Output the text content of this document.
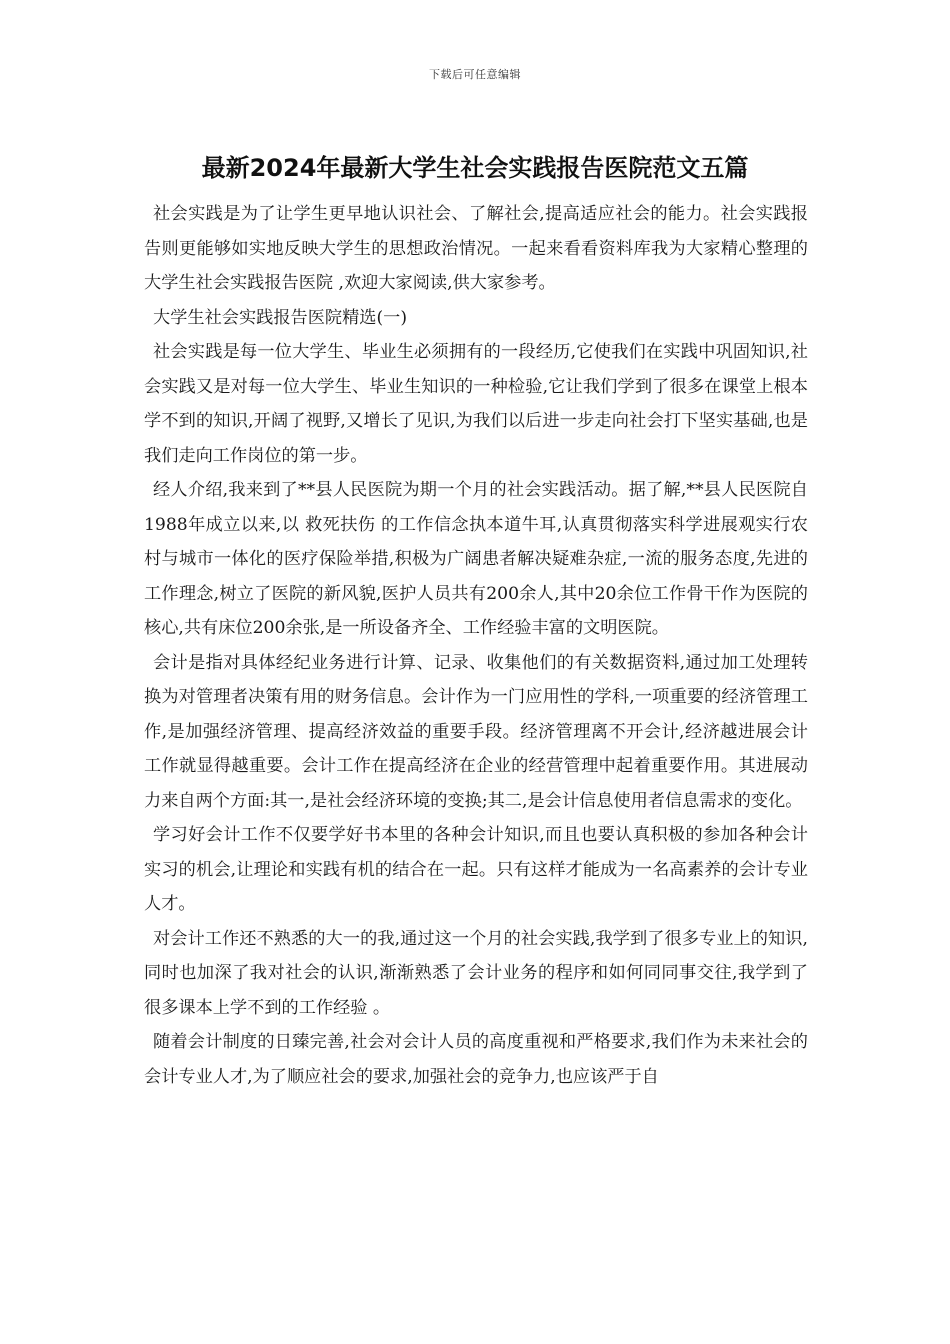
下载后可任意编辑
最新2024年最新大学生社会实践报告医院范文五篇

社会实践是为了让学生更早地认识社会、了解社会,提高适应社会的能力。社会实践报告则更能够如实地反映大学生的思想政治情况。一起来看看资料库我为大家精心整理的 大学生社会实践报告医院 ,欢迎大家阅读,供大家参考。

大学生社会实践报告医院精选(一)

社会实践是每一位大学生、毕业生必须拥有的一段经历,它使我们在实践中巩固知识,社会实践又是对每一位大学生、毕业生知识的一种检验,它让我们学到了很多在课堂上根本学不到的知识,开阔了视野,又增长了见识,为我们以后进一步走向社会打下坚实基础,也是我们走向工作岗位的第一步。

经人介绍,我来到了**县人民医院为期一个月的社会实践活动。据了解,**县人民医院自1988年成立以来,以 救死扶伤 的工作信念执本道牛耳,认真贯彻落实科学进展观实行农村与城市一体化的医疗保险举措,积极为广阔患者解决疑难杂症,一流的服务态度,先进的工作理念,树立了医院的新风貌,医护人员共有200余人,其中20余位工作骨干作为医院的核心,共有床位200余张,是一所设备齐全、工作经验丰富的文明医院。

会计是指对具体经纪业务进行计算、记录、收集他们的有关数据资料,通过加工处理转换为对管理者决策有用的财务信息。会计作为一门应用性的学科,一项重要的经济管理工作,是加强经济管理、提高经济效益的重要手段。经济管理离不开会计,经济越进展会计工作就显得越重要。会计工作在提高经济在企业的经营管理中起着重要作用。其进展动力来自两个方面:其一,是社会经济环境的变换;其二,是会计信息使用者信息需求的变化。

学习好会计工作不仅要学好书本里的各种会计知识,而且也要认真积极的参加各种会计实习的机会,让理论和实践有机的结合在一起。只有这样才能成为一名高素养的会计专业人才。

对会计工作还不熟悉的大一的我,通过这一个月的社会实践,我学到了很多专业上的知识,同时也加深了我对社会的认识,渐渐熟悉了会计业务的程序和如何同同事交往,我学到了很多课本上学不到的工作经验 。

随着会计制度的日臻完善,社会对会计人员的高度重视和严格要求,我们作为未来社会的会计专业人才,为了顺应社会的要求,加强社会的竞争力,也应该严于自
